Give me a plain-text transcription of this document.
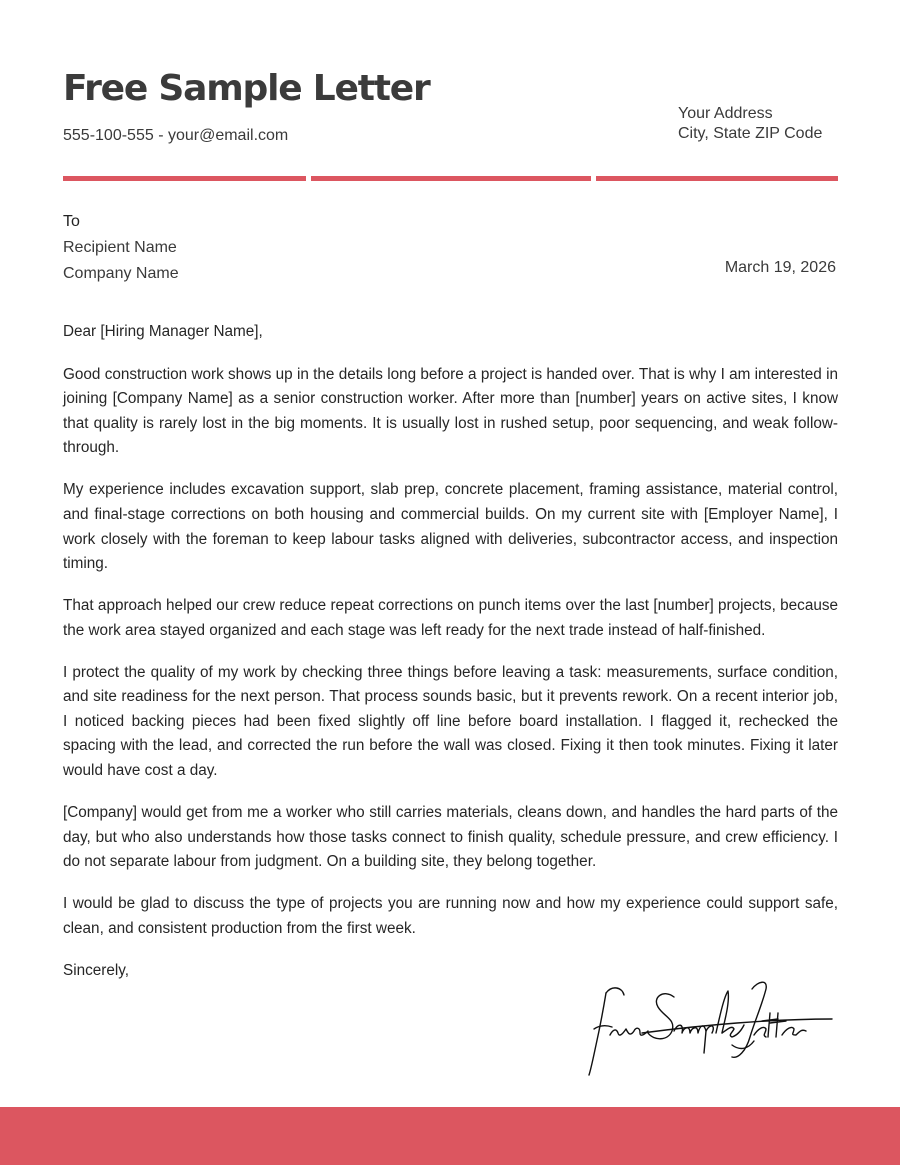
Free Sample Letter
555-100-555 - your@email.com
Your Address
City, State ZIP Code
To
Recipient Name
Company Name	March 19, 2026

Dear [Hiring Manager Name],

Good construction work shows up in the details long before a project is handed over. That is why I am interested in joining [Company Name] as a senior construction worker. After more than [number] years on active sites, I know that quality is rarely lost in the big moments. It is usually lost in rushed setup, poor sequencing, and weak follow-through.

My experience includes excavation support, slab prep, concrete placement, framing assistance, material control, and final-stage corrections on both housing and commercial builds. On my current site with [Employer Name], I work closely with the foreman to keep labour tasks aligned with deliveries, subcontractor access, and inspection timing.

That approach helped our crew reduce repeat corrections on punch items over the last [number] projects, because the work area stayed organized and each stage was left ready for the next trade instead of half-finished.

I protect the quality of my work by checking three things before leaving a task: measurements, surface condition, and site readiness for the next person. That process sounds basic, but it prevents rework. On a recent interior job, I noticed backing pieces had been fixed slightly off line before board installation. I flagged it, rechecked the spacing with the lead, and corrected the run before the wall was closed. Fixing it then took minutes. Fixing it later would have cost a day.

[Company] would get from me a worker who still carries materials, cleans down, and handles the hard parts of the day, but who also understands how those tasks connect to finish quality, schedule pressure, and crew efficiency. I do not separate labour from judgment. On a building site, they belong together.

I would be glad to discuss the type of projects you are running now and how my experience could support safe, clean, and consistent production from the first week.

Sincerely,
